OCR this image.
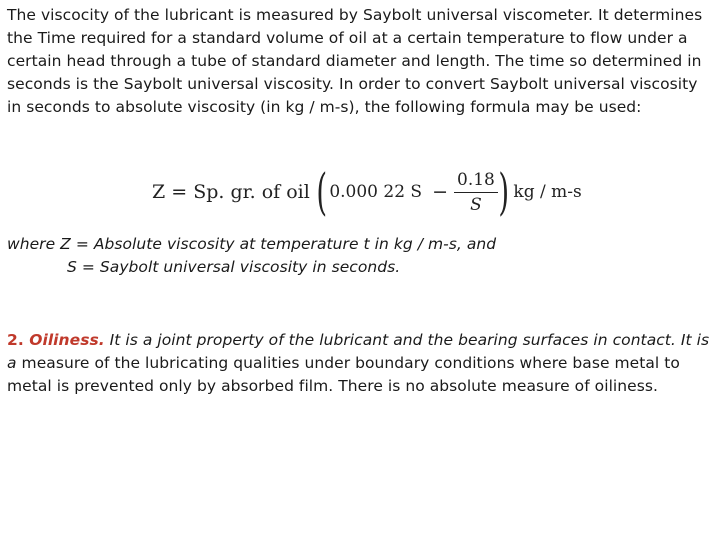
The viscocity of the lubricant is measured by Saybolt universal viscometer. It determines the Time required for a standard volume of oil at a certain temperature to flow under a certain head through a tube of standard diameter and length. The time so determined in seconds is the Saybolt universal viscosity. In order to convert Saybolt universal viscosity in seconds to absolute viscosity (in kg / m-s), the following formula may be used:
Z = Sp. gr. of oil ( 0.000 22 $S - \frac{0.18}{S}$ ) kg / m-s
where Z = Absolute viscosity at temperature t in kg / m-s, and
S = Saybolt universal viscosity in seconds.
2. Oiliness. It is a joint property of the lubricant and the bearing surfaces in contact. It is a measure of the lubricating qualities under boundary conditions where base metal to metal is prevented only by absorbed film. There is no absolute measure of oiliness.
